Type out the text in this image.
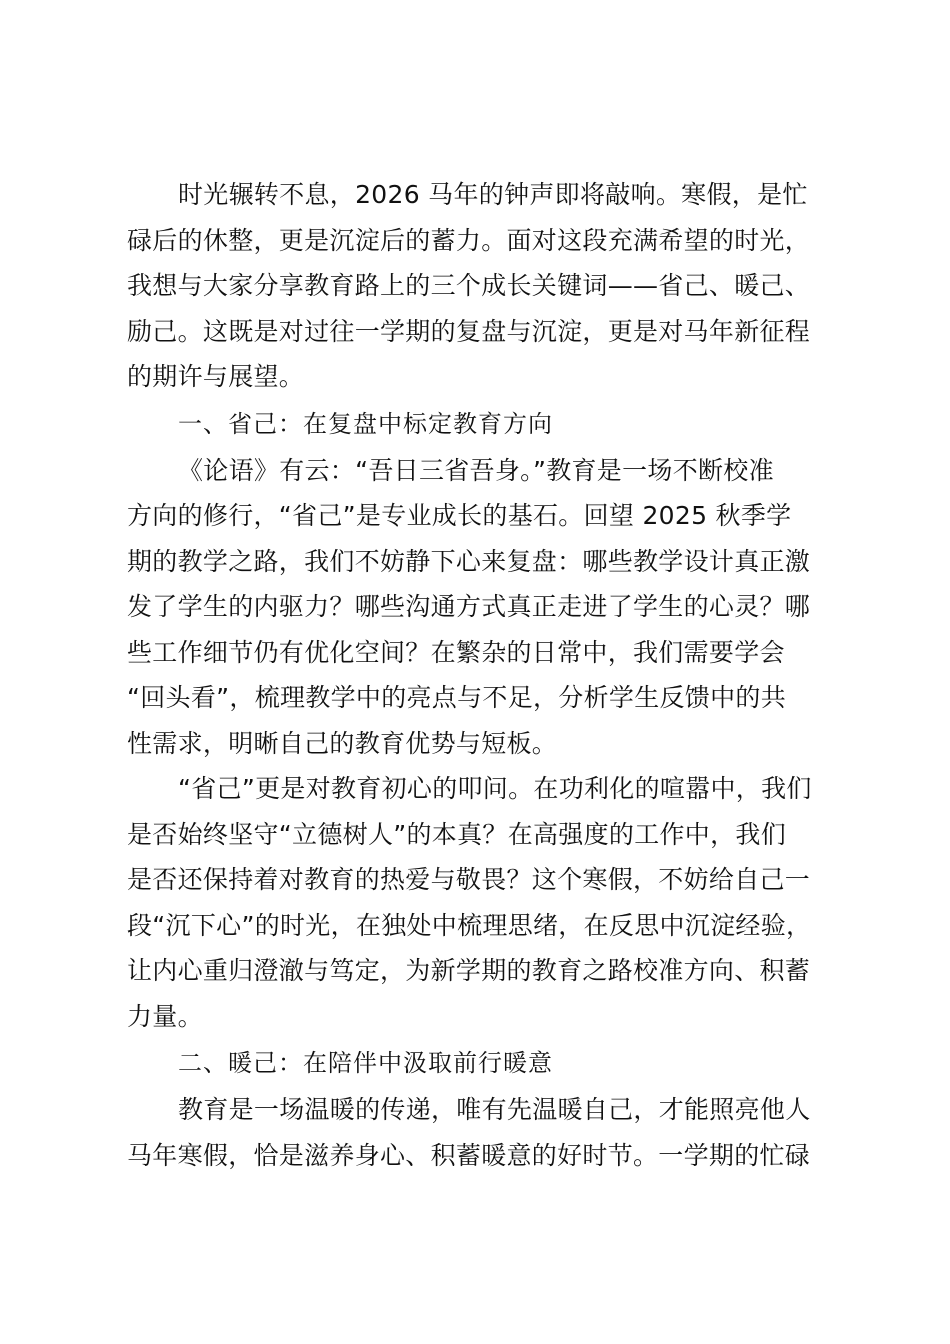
时光辗转不息，2026 马年的钟声即将敲响。寒假，是忙
碌后的休整，更是沉淀后的蓄力。面对这段充满希望的时光，
我想与大家分享教育路上的三个成长关键词——省己、暖己、
励己。这既是对过往一学期的复盘与沉淀，更是对马年新征程
的期许与展望。
一、省己：在复盘中标定教育方向
《论语》有云：“吾日三省吾身。”教育是一场不断校准
方向的修行，“省己”是专业成长的基石。回望 2025 秋季学
期的教学之路，我们不妨静下心来复盘：哪些教学设计真正激
发了学生的内驱力？哪些沟通方式真正走进了学生的心灵？哪
些工作细节仍有优化空间？在繁杂的日常中，我们需要学会
“回头看”，梳理教学中的亮点与不足，分析学生反馈中的共
性需求，明晰自己的教育优势与短板。
“省己”更是对教育初心的叩问。在功利化的喧嚣中，我们
是否始终坚守“立德树人”的本真？在高强度的工作中，我们
是否还保持着对教育的热爱与敬畏？这个寒假，不妨给自己一
段“沉下心”的时光，在独处中梳理思绪，在反思中沉淀经验，
让内心重归澄澈与笃定，为新学期的教育之路校准方向、积蓄
力量。
二、暖己：在陪伴中汲取前行暖意
教育是一场温暖的传递，唯有先温暖自己，才能照亮他人
马年寒假，恰是滋养身心、积蓄暖意的好时节。一学期的忙碌
